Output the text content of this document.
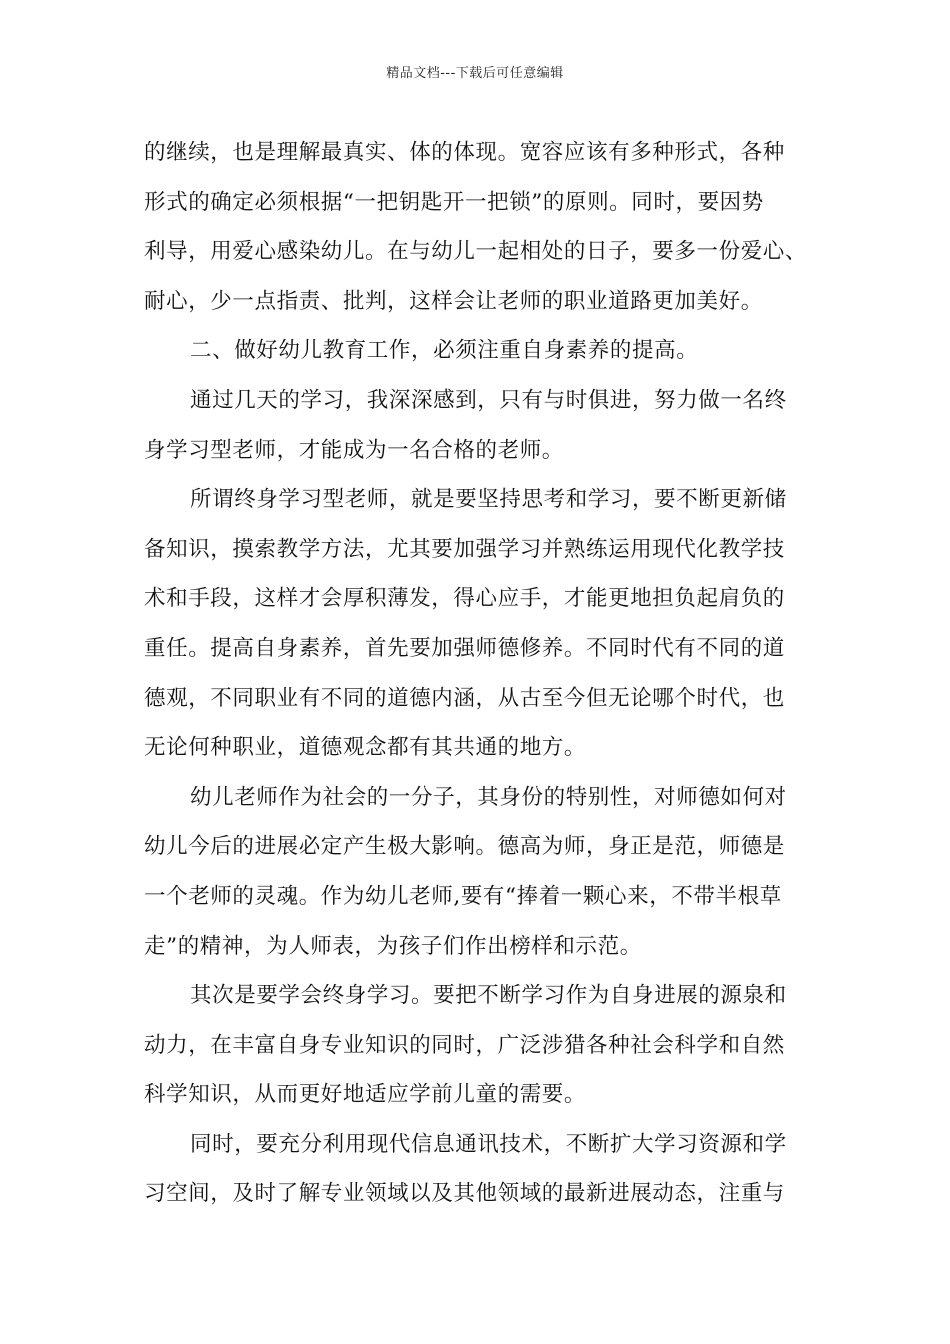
精品文档---下载后可任意编辑
的继续，也是理解最真实、体的体现。宽容应该有多种形式，各种
形式的确定必须根据“一把钥匙开一把锁”的原则。同时，要因势
利导，用爱心感染幼儿。在与幼儿一起相处的日子，要多一份爱心、
耐心，少一点指责、批判，这样会让老师的职业道路更加美好。
二、做好幼儿教育工作，必须注重自身素养的提高。
通过几天的学习，我深深感到，只有与时俱进，努力做一名终
身学习型老师，才能成为一名合格的老师。
所谓终身学习型老师，就是要坚持思考和学习，要不断更新储
备知识，摸索教学方法，尤其要加强学习并熟练运用现代化教学技
术和手段，这样才会厚积薄发，得心应手，才能更地担负起肩负的
重任。提高自身素养，首先要加强师德修养。不同时代有不同的道
德观，不同职业有不同的道德内涵，从古至今但无论哪个时代，也
无论何种职业，道德观念都有其共通的地方。
幼儿老师作为社会的一分子，其身份的特别性，对师德如何对
幼儿今后的进展必定产生极大影响。德高为师，身正是范，师德是
一个老师的灵魂。作为幼儿老师,要有“捧着一颗心来，不带半根草
走”的精神，为人师表，为孩子们作出榜样和示范。
其次是要学会终身学习。要把不断学习作为自身进展的源泉和
动力，在丰富自身专业知识的同时，广泛涉猎各种社会科学和自然
科学知识，从而更好地适应学前儿童的需要。
同时，要充分利用现代信息通讯技术，不断扩大学习资源和学
习空间，及时了解专业领域以及其他领域的最新进展动态，注重与
